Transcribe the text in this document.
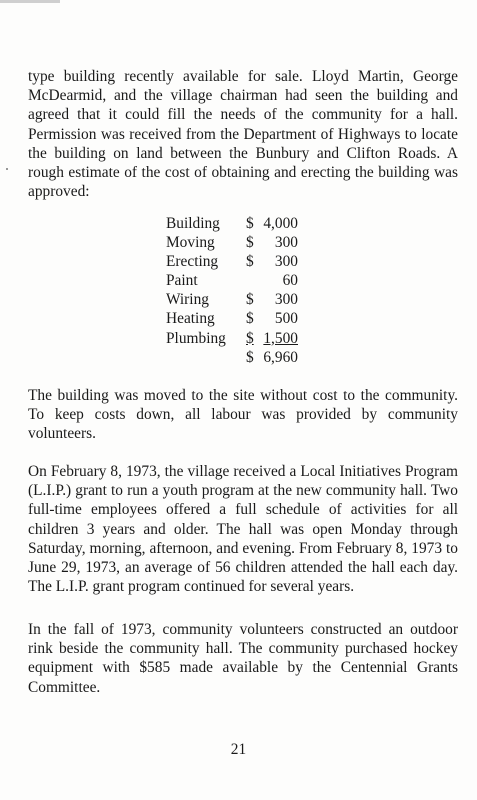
type building recently available for sale. Lloyd Martin, George McDearmid, and the village chairman had seen the building and agreed that it could fill the needs of the community for a hall. Permission was received from the Department of Highways to locate the building on land between the Bunbury and Clifton Roads. A rough estimate of the cost of obtaining and erecting the building was approved:

Building	$ 4,000
Moving	$ 300
Erecting	$ 300
Paint	60
Wiring	$ 300
Heating	$ 500
Plumbing	$ 1,500
	$ 6,960

The building was moved to the site without cost to the community. To keep costs down, all labour was provided by community volunteers.

On February 8, 1973, the village received a Local Initiatives Program (L.I.P.) grant to run a youth program at the new community hall. Two full-time employees offered a full schedule of activities for all children 3 years and older. The hall was open Monday through Saturday, morning, afternoon, and evening. From February 8, 1973 to June 29, 1973, an average of 56 children attended the hall each day. The L.I.P. grant program continued for several years.

In the fall of 1973, community volunteers constructed an outdoor rink beside the community hall. The community purchased hockey equipment with $585 made available by the Centennial Grants Committee.

21
